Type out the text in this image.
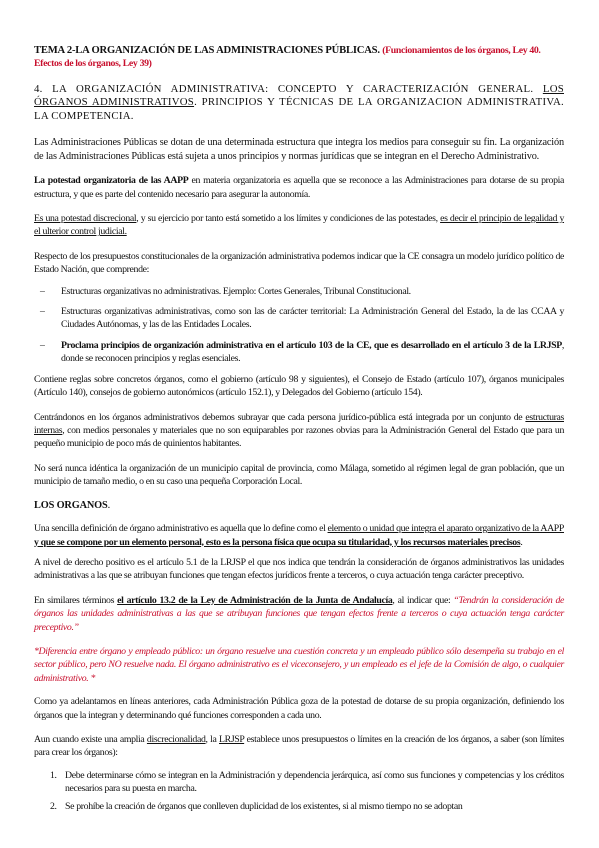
TEMA 2-LA ORGANIZACIÓN DE LAS ADMINISTRACIONES PÚBLICAS. (Funcionamientos de los órganos, Ley 40. Efectos de los órganos, Ley 39)

4. LA ORGANIZACIÓN ADMINISTRATIVA: CONCEPTO Y CARACTERIZACIÓN GENERAL. LOS ÓRGANOS ADMINISTRATIVOS. PRINCIPIOS Y TÉCNICAS DE LA ORGANIZACION ADMINISTRATIVA. LA COMPETENCIA.

Las Administraciones Públicas se dotan de una determinada estructura que integra los medios para conseguir su fin. La organización de las Administraciones Públicas está sujeta a unos principios y normas jurídicas que se integran en el Derecho Administrativo.

La potestad organizatoria de las AAPP en materia organizatoria es aquella que se reconoce a las Administraciones para dotarse de su propia estructura, y que es parte del contenido necesario para asegurar la autonomía.

Es una potestad discrecional, y su ejercicio por tanto está sometido a los límites y condiciones de las potestades, es decir el principio de legalidad y el ulterior control judicial.

Respecto de los presupuestos constitucionales de la organización administrativa podemos indicar que la CE consagra un modelo jurídico político de Estado Nación, que comprende:

– Estructuras organizativas no administrativas. Ejemplo: Cortes Generales, Tribunal Constitucional.
– Estructuras organizativas administrativas, como son las de carácter territorial: La Administración General del Estado, la de las CCAA y Ciudades Autónomas, y las de las Entidades Locales.
– Proclama principios de organización administrativa en el artículo 103 de la CE, que es desarrollado en el artículo 3 de la LRJSP, donde se reconocen principios y reglas esenciales.

Contiene reglas sobre concretos órganos, como el gobierno (artículo 98 y siguientes), el Consejo de Estado (artículo 107), órganos municipales (Artículo 140), consejos de gobierno autonómicos (artículo 152.1), y Delegados del Gobierno (artículo 154).

Centrándonos en los órganos administrativos debemos subrayar que cada persona jurídico-pública está integrada por un conjunto de estructuras internas, con medios personales y materiales que no son equiparables por razones obvias para la Administración General del Estado que para un pequeño municipio de poco más de quinientos habitantes.

No será nunca idéntica la organización de un municipio capital de provincia, como Málaga, sometido al régimen legal de gran población, que un municipio de tamaño medio, o en su caso una pequeña Corporación Local.

LOS ORGANOS.

Una sencilla definición de órgano administrativo es aquella que lo define como el elemento o unidad que integra el aparato organizativo de la AAPP y que se compone por un elemento personal, esto es la persona física que ocupa su titularidad, y los recursos materiales precisos.

A nivel de derecho positivo es el artículo 5.1 de la LRJSP el que nos indica que tendrán la consideración de órganos administrativos las unidades administrativas a las que se atribuyan funciones que tengan efectos jurídicos frente a terceros, o cuya actuación tenga carácter preceptivo.

En similares términos el artículo 13.2 de la Ley de Administración de la Junta de Andalucía, al indicar que: “Tendrán la consideración de órganos las unidades administrativas a las que se atribuyan funciones que tengan efectos frente a terceros o cuya actuación tenga carácter preceptivo.”

*Diferencia entre órgano y empleado público: un órgano resuelve una cuestión concreta y un empleado público sólo desempeña su trabajo en el sector público, pero NO resuelve nada. El órgano administrativo es el viceconsejero, y un empleado es el jefe de la Comisión de algo, o cualquier administrativo. *

Como ya adelantamos en líneas anteriores, cada Administración Pública goza de la potestad de dotarse de su propia organización, definiendo los órganos que la integran y determinando qué funciones corresponden a cada uno.

Aun cuando existe una amplia discrecionalidad, la LRJSP establece unos presupuestos o límites en la creación de los órganos, a saber (son límites para crear los órganos):

1. Debe determinarse cómo se integran en la Administración y dependencia jerárquica, así como sus funciones y competencias y los créditos necesarios para su puesta en marcha.
2. Se prohíbe la creación de órganos que conlleven duplicidad de los existentes, si al mismo tiempo no se adoptan
